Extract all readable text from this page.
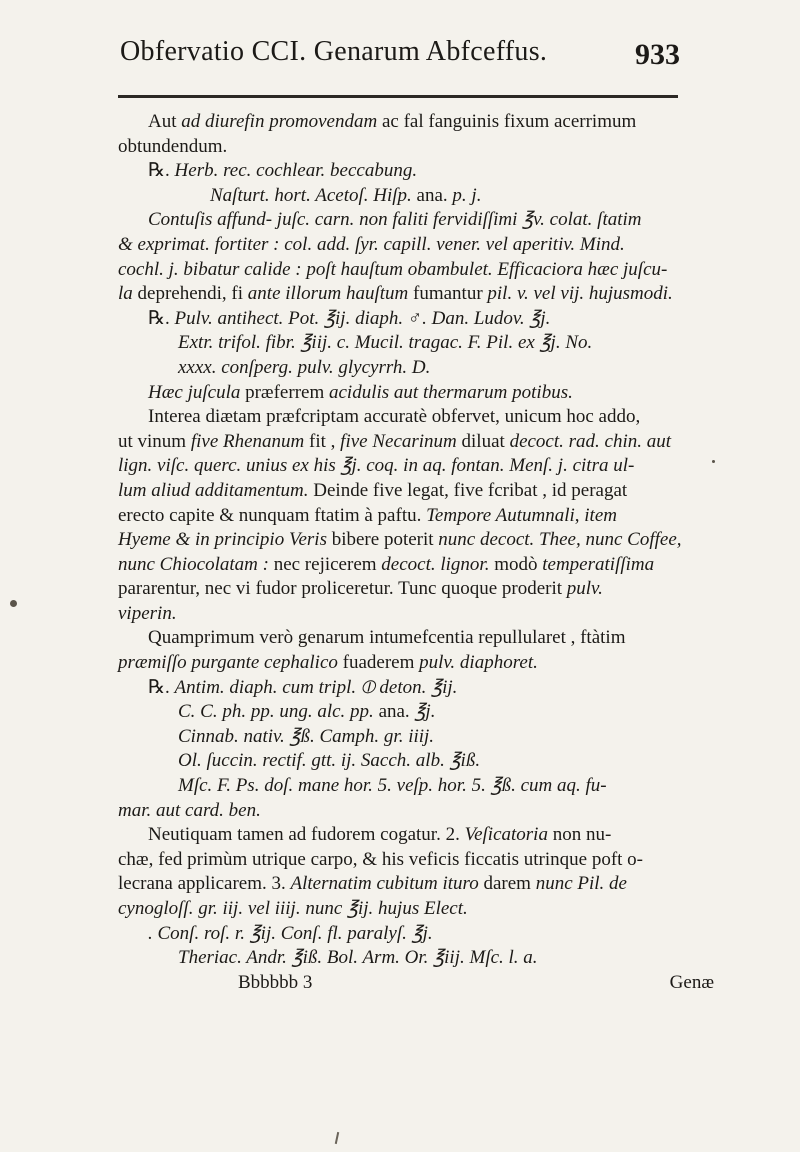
Obfervatio CCI. Genarum Abfceffus.	933
Aut ad diurefin promovendam ac fal fanguinis fixum acerrimum
obtundendum.
℞. Herb. rec. cochlear. beccabung.
Naſturt. hort. Acetoſ. Hiſp. ana. p. j.
Contuſis affund- juſc. carn. non faliti fervidiſſimi ℥v. colat. ſtatim
& exprimat. fortiter : col. add. ſyr. capill. vener. vel aperitiv. Mind.
cochl. j. bibatur calide : poſt hauſtum obambulet. Efficaciora hæc juſcu-
la deprehendi, fi ante illorum hauſtum fumantur pil. v. vel vij. hujusmodi.
℞. Pulv. antihect. Pot. ℥ij. diaph. ♂. Dan. Ludov. ℥j.
Extr. trifol. fibr. ℥iij. c. Mucil. tragac. F. Pil. ex ℥j. No.
xxxx. conſperg. pulv. glycyrrh. D.
Hæc juſcula præferrem acidulis aut thermarum potibus.
Interea diætam præfcriptam accuratè obfervet, unicum hoc addo,
ut vinum five Rhenanum fit , five Necarinum diluat decoct. rad. chin. aut
lign. viſc. querc. unius ex his ℥j. coq. in aq. fontan. Menſ. j. citra ul-
lum aliud additamentum. Deinde five legat, five fcribat , id peragat
erecto capite & nunquam ftatim à paftu. Tempore Autumnali, item
Hyeme & in principio Veris bibere poterit nunc decoct. Thee, nunc Coffee,
nunc Chiocolatam : nec rejicerem decoct. lignor. modò temperatiſſima
pararentur, nec vi fudor proliceretur. Tunc quoque proderit pulv.
viperin.
Quamprimum verò genarum intumefcentia repullularet , ftàtim
præmiſſo purgante cephalico fuaderem pulv. diaphoret.
℞. Antim. diaph. cum tripl. ⦶ deton. ℥ij.
C. C. ph. pp. ung. alc. pp. ana. ℥j.
Cinnab. nativ. ℥ß. Camph. gr. iiij.
Ol. ſuccin. rectif. gtt. ij. Sacch. alb. ℥iß.
Mſc. F. Ps. doſ. mane hor. 5. veſp. hor. 5. ℥ß. cum aq. fu-
mar. aut card. ben.
Neutiquam tamen ad fudorem cogatur. 2. Veſicatoria non nu-
chæ, fed primùm utrique carpo, & his veficis ficcatis utrinque poft o-
lecrana applicarem. 3. Alternatim cubitum ituro darem nunc Pil. de
cynogloſſ. gr. iij. vel iiij. nunc ℥ij. hujus Elect.
. Conſ. roſ. r. ℥ij. Conſ. fl. paralyſ. ℥j.
Theriac. Andr. ℥iß. Bol. Arm. Or. ℥iij. Mſc. l. a.
Bbbbbb 3	Genæ
